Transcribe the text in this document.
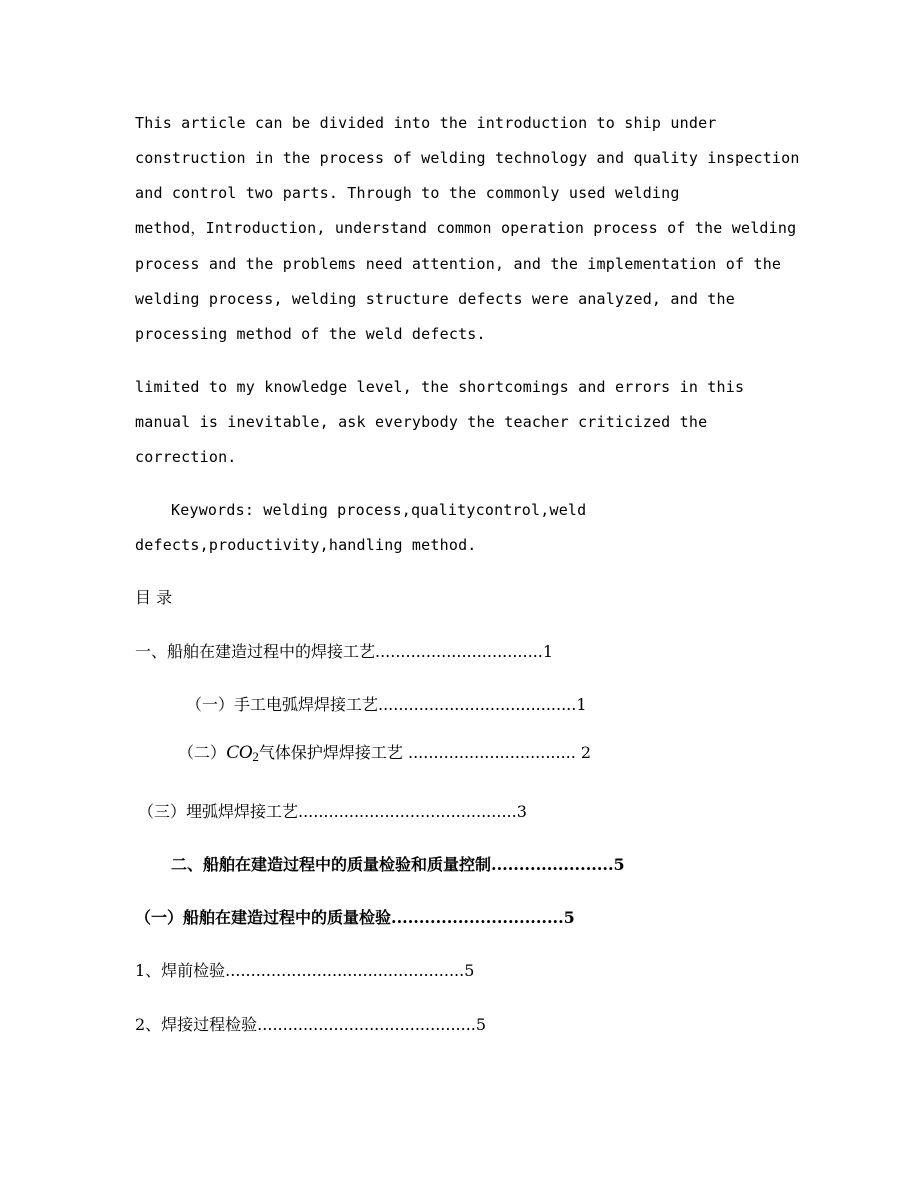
This article can be divided into the introduction to ship under
construction in the process of welding technology and quality inspection
and control two parts. Through to the commonly used welding
method，Introduction, understand common operation process of the welding
process and the problems need attention, and the implementation of the
welding process, welding structure defects were analyzed, and the
processing method of the weld defects.
limited to my knowledge level, the shortcomings and errors in this
manual is inevitable, ask everybody the teacher criticized the
correction.
Keywords: welding process,qualitycontrol,weld
defects,productivity,handling method.
目 录
一、船舶在建造过程中的焊接工艺.................................1
（一）手工电弧焊焊接工艺.......................................1
（二）$CO_2$气体保护焊焊接工艺 ................................. 2
（三）埋弧焊焊接工艺...........................................3
二、船舶在建造过程中的质量检验和质量控制......................5
（一）船舶在建造过程中的质量检验...............................5
1、焊前检验...............................................5
2、焊接过程检验...........................................5
